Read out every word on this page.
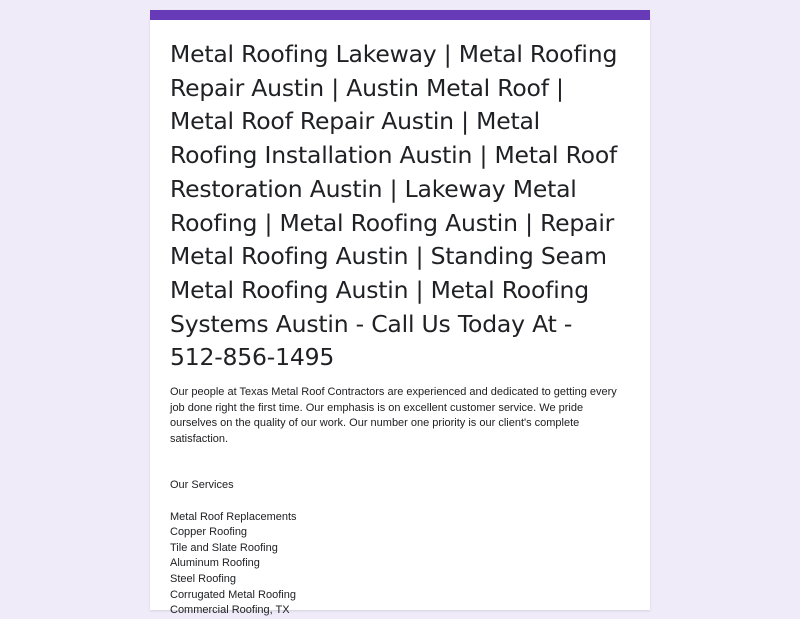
Metal Roofing Lakeway | Metal Roofing Repair Austin | Austin Metal Roof | Metal Roof Repair Austin | Metal Roofing Installation Austin | Metal Roof Restoration Austin | Lakeway Metal Roofing | Metal Roofing Austin | Repair Metal Roofing Austin | Standing Seam Metal Roofing Austin | Metal Roofing Systems Austin - Call Us Today At - 512-856-1495

Our people at Texas Metal Roof Contractors are experienced and dedicated to getting every job done right the first time. Our emphasis is on excellent customer service. We pride ourselves on the quality of our work. Our number one priority is our client's complete satisfaction.

Our Services

Metal Roof Replacements
Copper Roofing
Tile and Slate Roofing
Aluminum Roofing
Steel Roofing
Corrugated Metal Roofing
Commercial Roofing, TX
